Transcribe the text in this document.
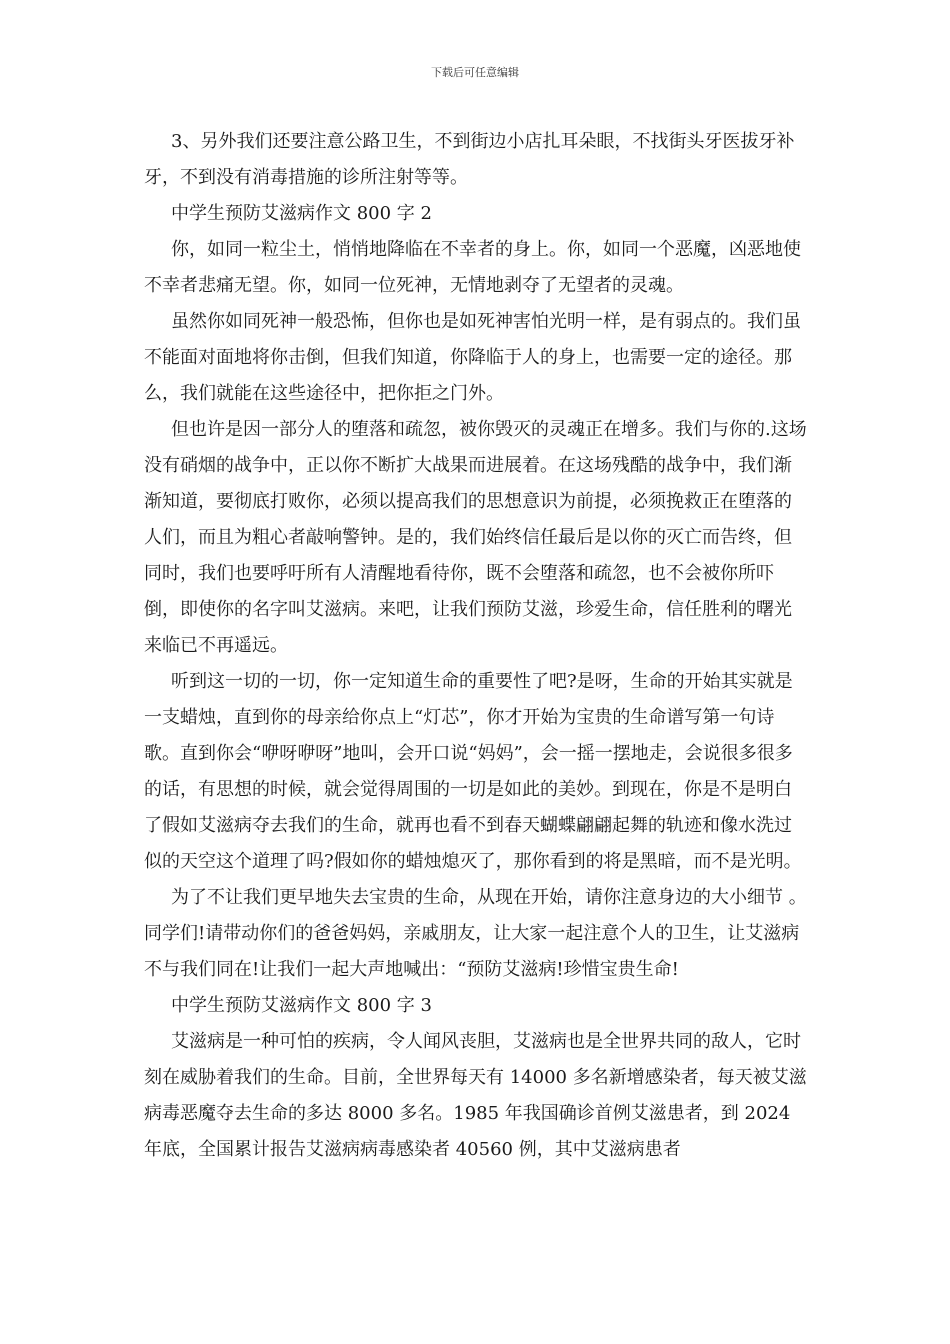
下载后可任意编辑

3、另外我们还要注意公路卫生，不到街边小店扎耳朵眼，不找街头牙医拔牙补牙，不到没有消毒措施的诊所注射等等。

中学生预防艾滋病作文 800 字 2

你，如同一粒尘土，悄悄地降临在不幸者的身上。你，如同一个恶魔，凶恶地使不幸者悲痛无望。你，如同一位死神，无情地剥夺了无望者的灵魂。

虽然你如同死神一般恐怖，但你也是如死神害怕光明一样，是有弱点的。我们虽不能面对面地将你击倒，但我们知道，你降临于人的身上，也需要一定的途径。那么，我们就能在这些途径中，把你拒之门外。

但也许是因一部分人的堕落和疏忽，被你毁灭的灵魂正在增多。我们与你的.这场没有硝烟的战争中，正以你不断扩大战果而进展着。在这场残酷的战争中，我们渐渐知道，要彻底打败你，必须以提高我们的思想意识为前提，必须挽救正在堕落的人们，而且为粗心者敲响警钟。是的，我们始终信任最后是以你的灭亡而告终，但同时，我们也要呼吁所有人清醒地看待你，既不会堕落和疏忽，也不会被你所吓倒，即使你的名字叫艾滋病。来吧，让我们预防艾滋，珍爱生命，信任胜利的曙光来临已不再遥远。

听到这一切的一切，你一定知道生命的重要性了吧?是呀，生命的开始其实就是一支蜡烛，直到你的母亲给你点上“灯芯”，你才开始为宝贵的生命谱写第一句诗歌。直到你会“咿呀咿呀”地叫，会开口说“妈妈”，会一摇一摆地走，会说很多很多的话，有思想的时候，就会觉得周围的一切是如此的美妙。到现在，你是不是明白了假如艾滋病夺去我们的生命，就再也看不到春天蝴蝶翩翩起舞的轨迹和像水洗过似的天空这个道理了吗?假如你的蜡烛熄灭了，那你看到的将是黑暗，而不是光明。

为了不让我们更早地失去宝贵的生命，从现在开始，请你注意身边的大小细节 。同学们!请带动你们的爸爸妈妈，亲戚朋友，让大家一起注意个人的卫生，让艾滋病不与我们同在!让我们一起大声地喊出：“预防艾滋病!珍惜宝贵生命!

中学生预防艾滋病作文 800 字 3

艾滋病是一种可怕的疾病，令人闻风丧胆，艾滋病也是全世界共同的敌人，它时刻在威胁着我们的生命。目前，全世界每天有 14000 多名新增感染者，每天被艾滋病毒恶魔夺去生命的多达 8000 多名。1985 年我国确诊首例艾滋患者，到 2024 年底，全国累计报告艾滋病病毒感染者 40560 例，其中艾滋病患者
